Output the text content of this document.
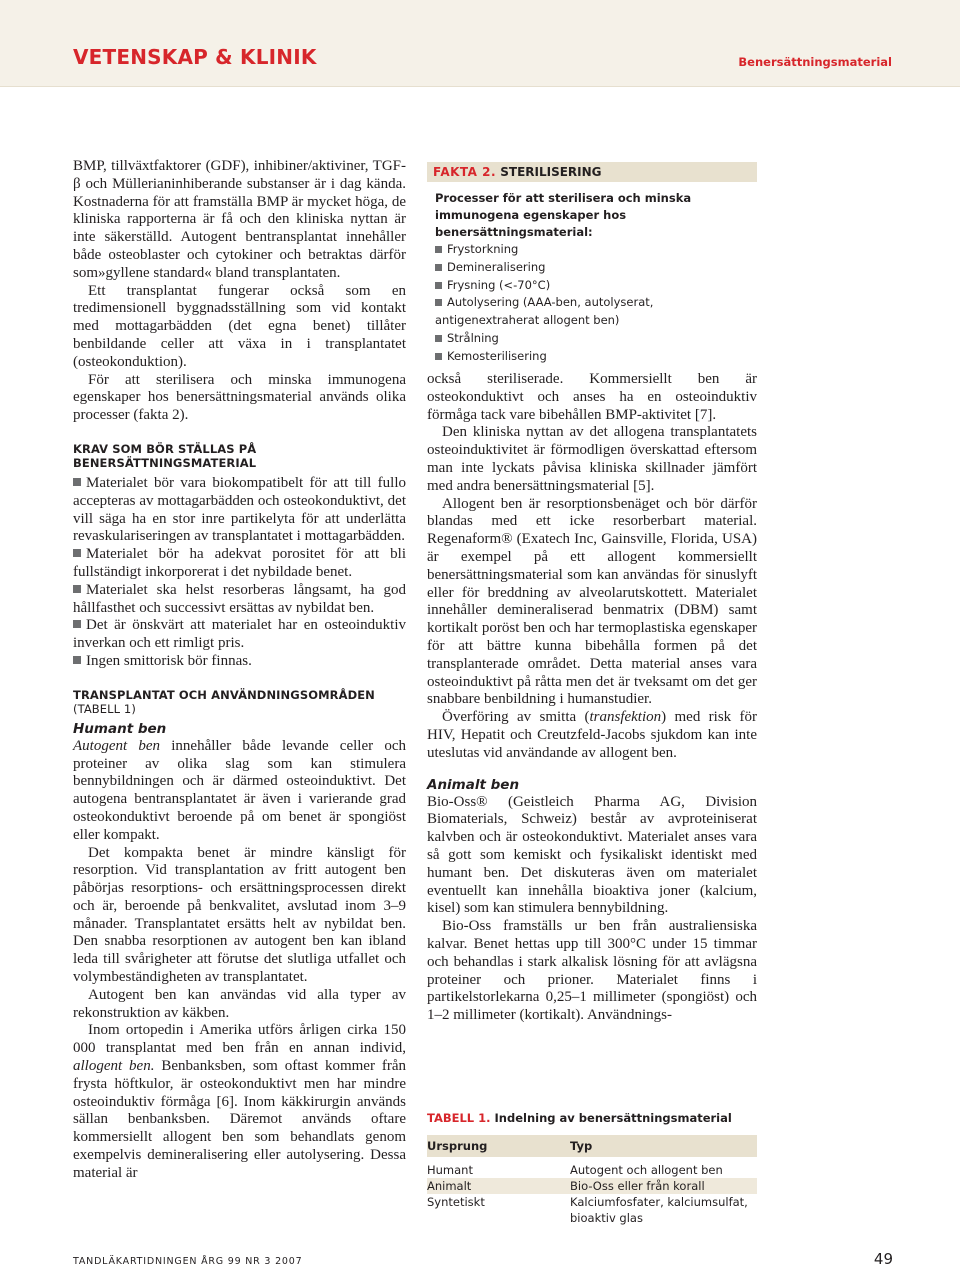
VETENSKAP & KLINIK	Benersättningsmaterial

BMP, tillväxtfaktorer (GDF), inhibiner/aktiviner, TGF-β och Müllerianinhiberande substanser är i dag kända. Kostnaderna för att framställa BMP är mycket höga, de kliniska rapporterna är få och den kliniska nyttan är inte säkerställd. Autogent bentransplantat innehåller både osteoblaster och cytokiner och betraktas därför som»gyllene standard« bland transplantaten.

Ett transplantat fungerar också som en tredimensionell byggnadsställning som vid kontakt med mottagarbädden (det egna benet) tillåter benbildande celler att växa in i transplantatet (osteokonduktion).

För att sterilisera och minska immunogena egenskaper hos benersättningsmaterial används olika processer (fakta 2).

KRAV SOM BÖR STÄLLAS PÅ BENERSÄTTNINGSMATERIAL

Materialet bör vara biokompatibelt för att till fullo accepteras av mottagarbädden och osteokonduktivt, det vill säga ha en stor inre partikelyta för att underlätta revaskulariseringen av transplantatet i mottagarbädden.

Materialet bör ha adekvat porositet för att bli fullständigt inkorporerat i det nybildade benet.

Materialet ska helst resorberas långsamt, ha god hållfasthet och successivt ersättas av nybildat ben.

Det är önskvärt att materialet har en osteoinduktiv inverkan och ett rimligt pris.

Ingen smittorisk bör finnas.

TRANSPLANTAT OCH ANVÄNDNINGSOMRÅDEN (TABELL 1)

Humant ben

Autogent ben innehåller både levande celler och proteiner av olika slag som kan stimulera bennybildningen och är därmed osteoinduktivt. Det autogena bentransplantatet är även i varierande grad osteokonduktivt beroende på om benet är spongiöst eller kompakt.

Det kompakta benet är mindre känsligt för resorption. Vid transplantation av fritt autogent ben påbörjas resorptions- och ersättningsprocessen direkt och är, beroende på benkvalitet, avslutad inom 3–9 månader. Transplantatet ersätts helt av nybildat ben. Den snabba resorptionen av autogent ben kan ibland leda till svårigheter att förutse det slutliga utfallet och volymbeständigheten av transplantatet.

Autogent ben kan användas vid alla typer av rekonstruktion av käkben.

Inom ortopedin i Amerika utförs årligen cirka 150 000 transplantat med ben från en annan individ, allogent ben. Benbanksben, som oftast kommer från frysta höftkulor, är osteokonduktivt men har mindre osteoinduktiv förmåga [6]. Inom käkkirurgin används sällan benbanksben. Däremot används oftare kommersiellt allogent ben som behandlats genom exempelvis demineralisering eller autolysering. Dessa material är

FAKTA 2. STERILISERING
Processer för att sterilisera och minska immunogena egenskaper hos benersättningsmaterial:
Frystorkning
Demineralisering
Frysning (<-70°C)
Autolysering (AAA-ben, autolyserat, antigenextraherat allogent ben)
Strålning
Kemosterilisering

också steriliserade. Kommersiellt ben är osteokonduktivt och anses ha en osteoinduktiv förmåga tack vare bibehållen BMP-aktivitet [7].

Den kliniska nyttan av det allogena transplantatets osteoinduktivitet är förmodligen överskattad eftersom man inte lyckats påvisa kliniska skillnader jämfört med andra benersättningsmaterial [5].

Allogent ben är resorptionsbenäget och bör därför blandas med ett icke resorberbart material. Regenaform® (Exatech Inc, Gainsville, Florida, USA) är exempel på ett allogent kommersiellt benersättningsmaterial som kan användas för sinuslyft eller för breddning av alveolarutskottett. Materialet innehåller demineraliserad benmatrix (DBM) samt kortikalt poröst ben och har termoplastiska egenskaper för att bättre kunna bibehålla formen på det transplanterade området. Detta material anses vara osteoinduktivt på råtta men det är tveksamt om det ger snabbare benbildning i humanstudier.

Överföring av smitta (transfektion) med risk för HIV, Hepatit och Creutzfeld-Jacobs sjukdom kan inte uteslutas vid användande av allogent ben.

Animalt ben

Bio-Oss® (Geistleich Pharma AG, Division Biomaterials, Schweiz) består av avproteiniserat kalvben och är osteokonduktivt. Materialet anses vara så gott som kemiskt och fysikaliskt identiskt med humant ben. Det diskuteras även om materialet eventuellt kan innehålla bioaktiva joner (kalcium, kisel) som kan stimulera bennybildning.

Bio-Oss framställs ur ben från australiensiska kalvar. Benet hettas upp till 300°C under 15 timmar och behandlas i stark alkalisk lösning för att avlägsna proteiner och prioner. Materialet finns i partikelstorlekarna 0,25–1 millimeter (spongiöst) och 1–2 millimeter (kortikalt). Användnings-

TABELL 1. Indelning av benersättningsmaterial
Ursprung	Typ
Humant	Autogent och allogent ben
Animalt	Bio-Oss eller från korall
Syntetiskt	Kalciumfosfater, kalciumsulfat, bioaktiv glas
TANDLÄKARTIDNINGEN ÅRG 99 NR 3 2007	49
